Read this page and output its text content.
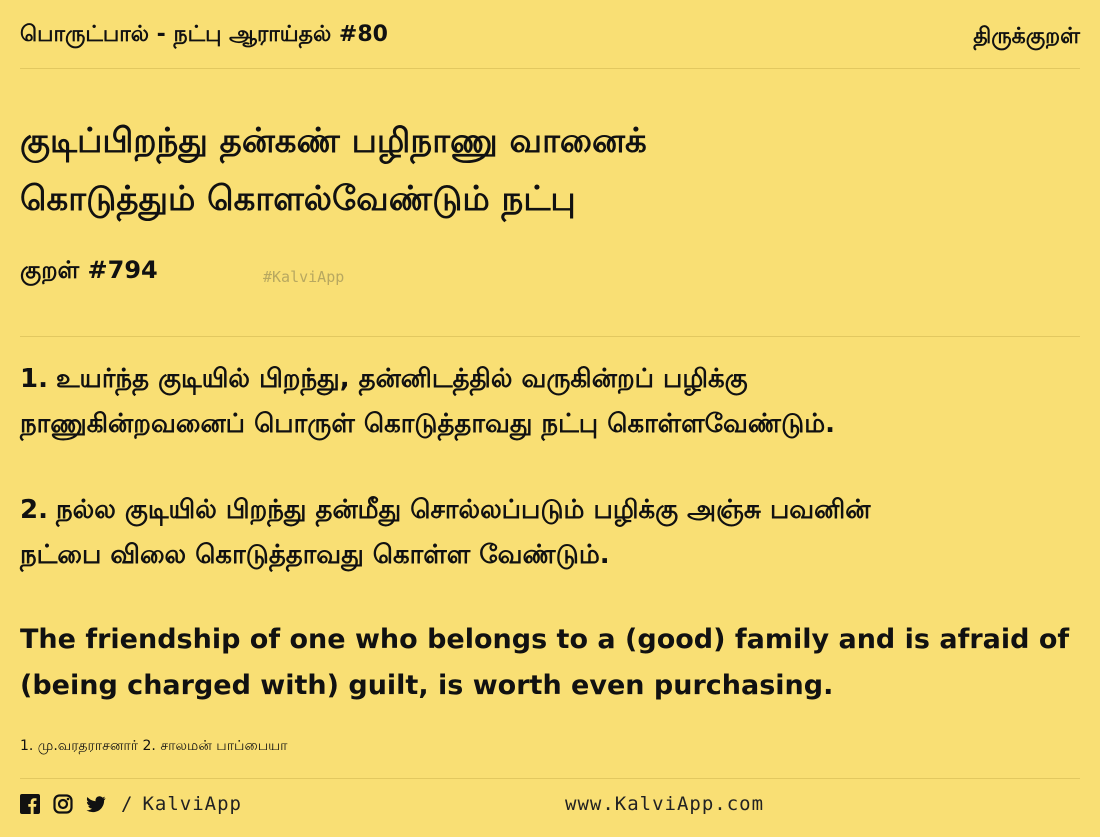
பொருட்பால் - நட்பு ஆராய்தல் #80	திருக்குறள்
குடிப்பிறந்து தன்கண் பழிநாணு வானைக்
கொடுத்தும் கொளல்வேண்டும் நட்பு
குறள் #794	#KalviApp
1. உயர்ந்த குடியில் பிறந்து, தன்னிடத்தில் வருகின்றப் பழிக்கு
நாணுகின்றவனைப் பொருள் கொடுத்தாவது நட்பு கொள்ளவேண்டும்.
2. நல்ல குடியில் பிறந்து தன்மீது சொல்லப்படும் பழிக்கு அஞ்சு பவனின்
நட்பை விலை கொடுத்தாவது கொள்ள வேண்டும்.
The friendship of one who belongs to a (good) family and is afraid of
(being charged with) guilt, is worth even purchasing.
1. மு.வரதராசனார் 2. சாலமன் பாப்பையா
/ KalviApp	www.KalviApp.com
